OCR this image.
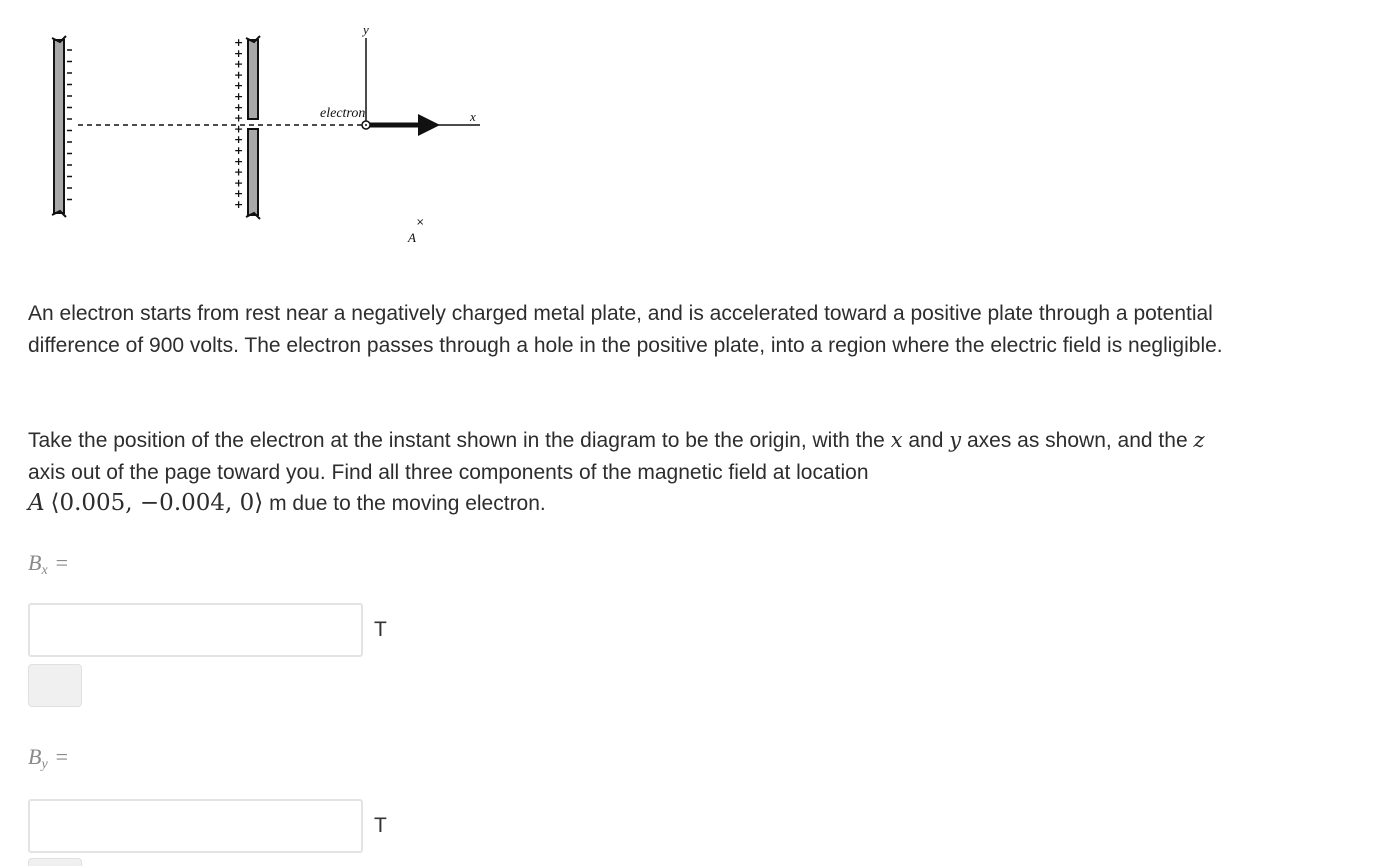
+
+
+
+
+
+
+
+
+
+
+
+
+
+
+
+
y
x
electron
×
A

An electron starts from rest near a negatively charged metal plate, and is accelerated toward a positive plate through a potential difference of 900 volts. The electron passes through a hole in the positive plate, into a region where the electric field is negligible.

Take the position of the electron at the instant shown in the diagram to be the origin, with the x and y axes as shown, and the z axis out of the page toward you. Find all three components of the magnetic field at location
A ⟨0.005, −0.004, 0⟩ m due to the moving electron.

$B_x$ =
T
$B_y$ =
T
